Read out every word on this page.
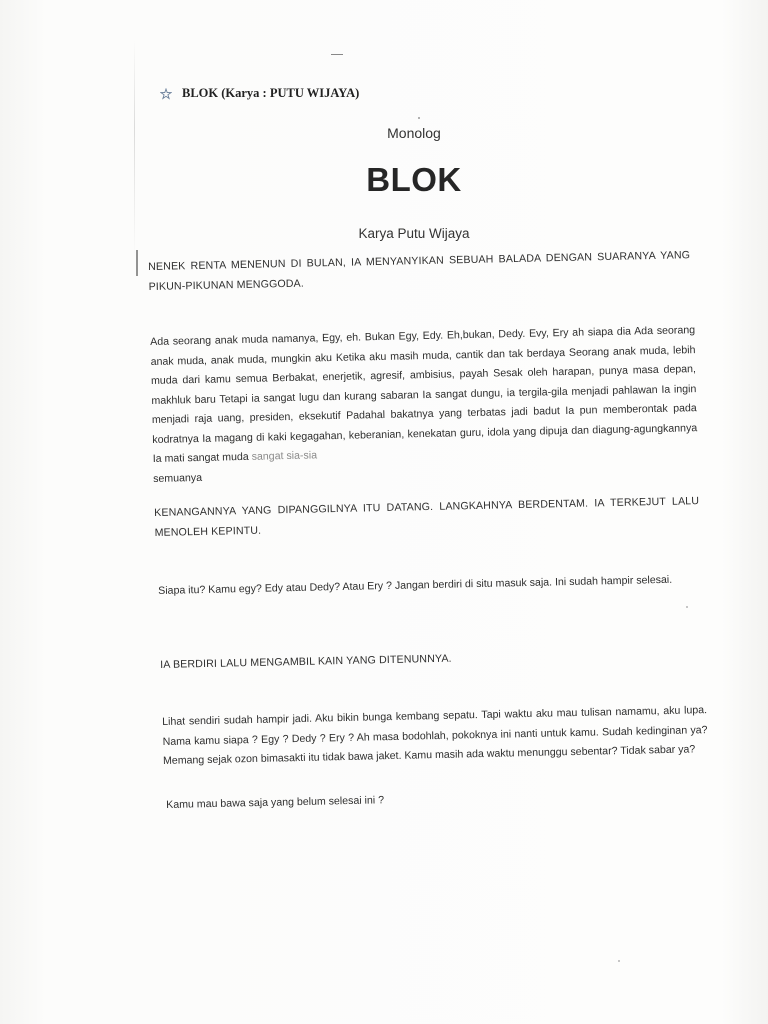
BLOK (Karya : PUTU WIJAYA)
Monolog
BLOK
Karya Putu Wijaya
NENEK RENTA MENENUN DI BULAN, IA MENYANYIKAN SEBUAH BALADA DENGAN SUARANYA YANG PIKUN-PIKUNAN MENGGODA.
Ada seorang anak muda namanya, Egy, eh. Bukan Egy, Edy. Eh,bukan, Dedy. Evy, Ery ah siapa dia Ada seorang anak muda, anak muda, mungkin aku Ketika aku masih muda, cantik dan tak berdaya Seorang anak muda, lebih muda dari kamu semua Berbakat, enerjetik, agresif, ambisius, payah Sesak oleh harapan, punya masa depan, makhluk baru Tetapi ia sangat lugu dan kurang sabaran Ia sangat dungu, ia tergila-gila menjadi pahlawan Ia ingin menjadi raja uang, presiden, eksekutif Padahal bakatnya yang terbatas jadi badut Ia pun memberontak pada kodratnya Ia magang di kaki kegagahan, keberanian, kenekatan guru, idola yang dipuja dan diagung-agungkannya Ia mati sangat muda sangat sia-sia
semuanya
KENANGANNYA YANG DIPANGGILNYA ITU DATANG. LANGKAHNYA BERDENTAM. IA TERKEJUT LALU MENOLEH KEPINTU.
Siapa itu? Kamu egy? Edy atau Dedy? Atau Ery ? Jangan berdiri di situ masuk saja. Ini sudah hampir selesai.
IA BERDIRI LALU MENGAMBIL KAIN YANG DITENUNNYA.
Lihat sendiri sudah hampir jadi. Aku bikin bunga kembang sepatu. Tapi waktu aku mau tulisan namamu, aku lupa. Nama kamu siapa ? Egy ? Dedy ? Ery ? Ah masa bodohlah, pokoknya ini nanti untuk kamu. Sudah kedinginan ya? Memang sejak ozon bimasakti itu tidak bawa jaket. Kamu masih ada waktu menunggu sebentar? Tidak sabar ya?
Kamu mau bawa saja yang belum selesai ini ?
